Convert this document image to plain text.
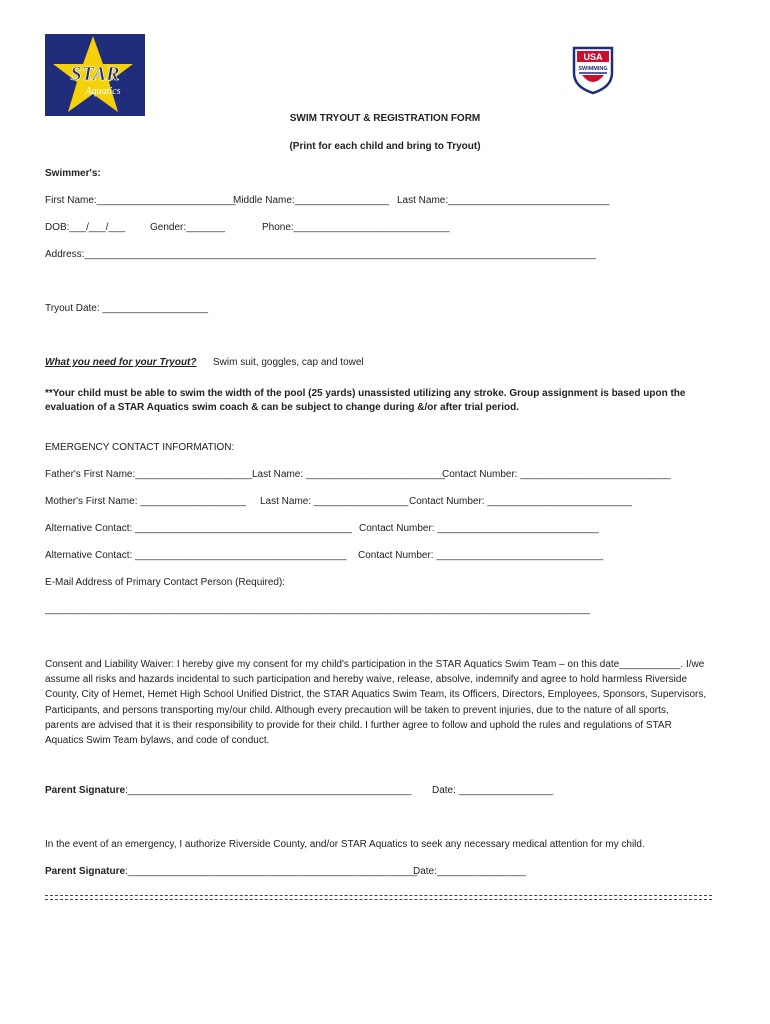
STAR
Aquatics
USA
SWIMMING
SWIM TRYOUT & REGISTRATION FORM
(Print for each child and bring to Tryout)
Swimmer's:
First Name:_________________________
Middle Name:_________________ Last Name:_____________________________
DOB:___/___/___ Gender:_______	Phone:____________________________
Address:____________________________________________________________________________________________
Tryout Date: ___________________
What you need for your Tryout? Swim suit, goggles, cap and towel
**Your child must be able to swim the width of the pool (25 yards) unassisted utilizing any stroke. Group assignment is based upon the
evaluation of a STAR Aquatics swim coach & can be subject to change during &/or after trial period.
EMERGENCY CONTACT INFORMATION:
Father's First Name:_____________________ Last Name: _________________________
Contact Number: ___________________________
Mother's First Name: ___________________ Last Name: _________________ Contact Number: __________________________
Alternative Contact: _______________________________________ Contact Number: _____________________________
Alternative Contact: ______________________________________ Contact Number: ______________________________
E-Mail Address of Primary Contact Person (Required):
__________________________________________________________________________________________________
Consent and Liability Waiver: I hereby give my consent for my child's participation in the STAR Aquatics Swim Team – on this date___________. I/we
assume all risks and hazards incidental to such participation and hereby waive, release, absolve, indemnify and agree to hold harmless Riverside
County, City of Hemet, Hemet High School Unified District, the STAR Aquatics Swim Team, its Officers, Directors, Employees, Sponsors, Supervisors,
Participants, and persons transporting my/our child. Although every precaution will be taken to prevent injuries, due to the nature of all sports,
parents are advised that it is their responsibility to provide for their child. I further agree to follow and uphold the rules and regulations of STAR
Aquatics Swim Team bylaws, and code of conduct.
Parent Signature:___________________________________________________ Date: _________________
In the event of an emergency, I authorize Riverside County, and/or STAR Aquatics to seek any necessary medical attention for my child.
Parent Signature:____________________________________________________
Date:________________
